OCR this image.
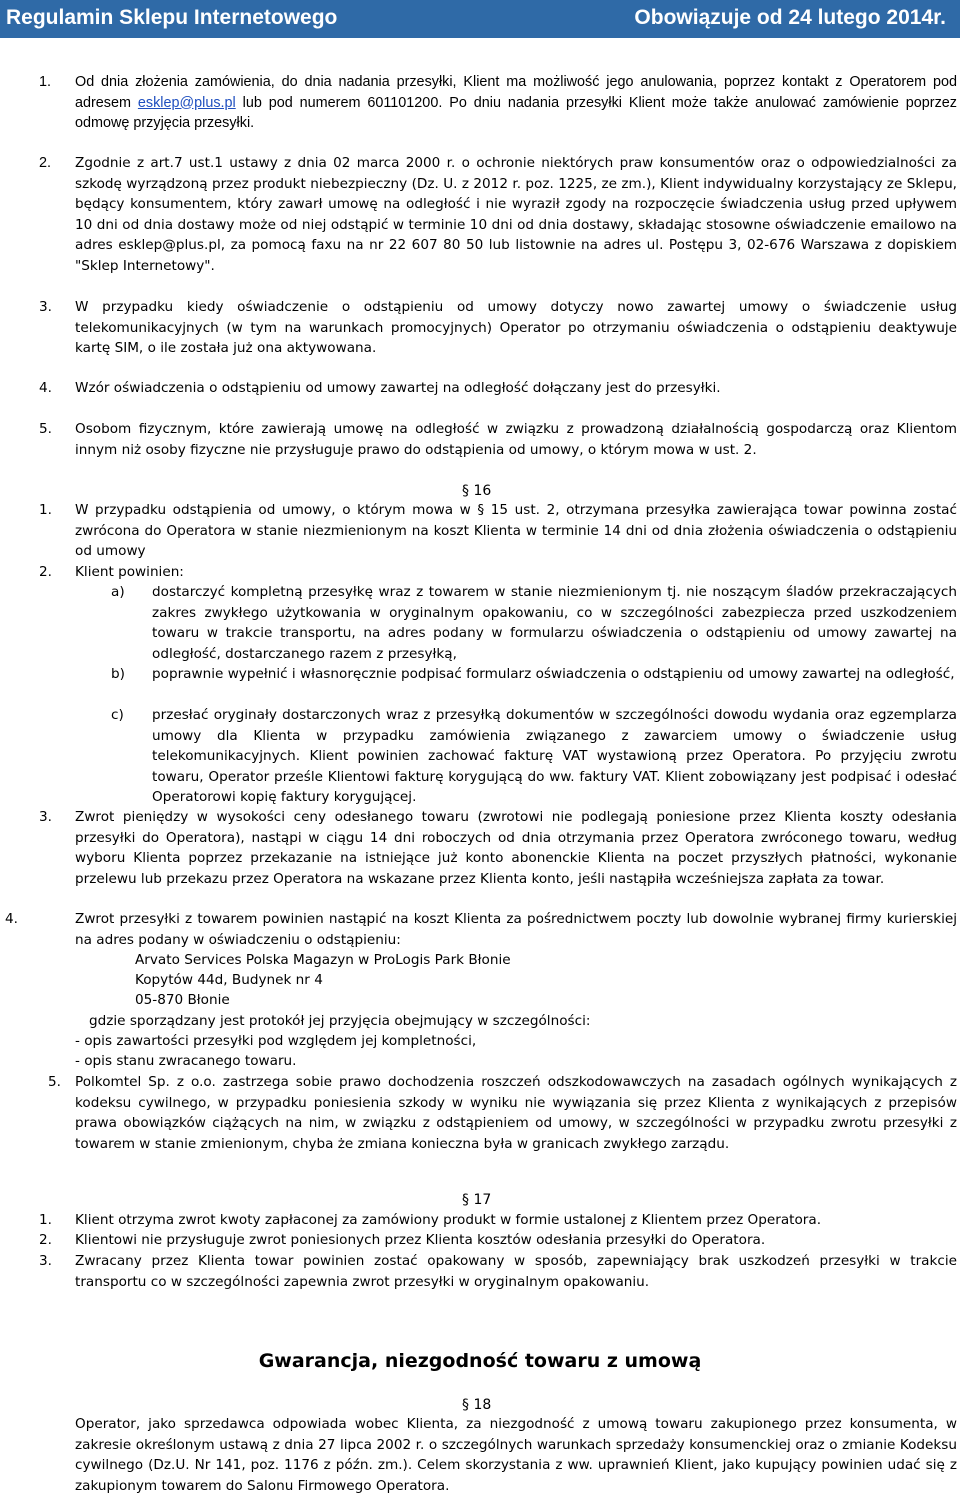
Regulamin Sklepu Internetowego	Obowiązuje od 24 lutego 2014r.
1. Od dnia złożenia zamówienia, do dnia nadania przesyłki, Klient ma możliwość jego anulowania, poprzez kontakt z Operatorem pod adresem esklep@plus.pl lub pod numerem 601101200. Po dniu nadania przesyłki Klient może także anulować zamówienie poprzez odmowę przyjęcia przesyłki.

2. Zgodnie z art.7 ust.1 ustawy z dnia 02 marca 2000 r. o ochronie niektórych praw konsumentów oraz o odpowiedzialności za szkodę wyrządzoną przez produkt niebezpieczny (Dz. U. z 2012 r. poz. 1225, ze zm.), Klient indywidualny korzystający ze Sklepu, będący konsumentem, który zawarł umowę na odległość i nie wyraził zgody na rozpoczęcie świadczenia usług przed upływem 10 dni od dnia dostawy może od niej odstąpić w terminie 10 dni od dnia dostawy, składając stosowne oświadczenie emailowo na adres esklep@plus.pl, za pomocą faxu na nr 22 607 80 50 lub listownie na adres ul. Postępu 3, 02-676 Warszawa z dopiskiem "Sklep Internetowy".

3. W przypadku kiedy oświadczenie o odstąpieniu od umowy dotyczy nowo zawartej umowy o świadczenie usług telekomunikacyjnych (w tym na warunkach promocyjnych) Operator po otrzymaniu oświadczenia o odstąpieniu deaktywuje kartę SIM, o ile została już ona aktywowana.

4. Wzór oświadczenia o odstąpieniu od umowy zawartej na odległość dołączany jest do przesyłki.

5. Osobom fizycznym, które zawierają umowę na odległość w związku z prowadzoną działalnością gospodarczą oraz Klientom innym niż osoby fizyczne nie przysługuje prawo do odstąpienia od umowy, o którym mowa w ust. 2.

§ 16
1. W przypadku odstąpienia od umowy, o którym mowa w § 15 ust. 2, otrzymana przesyłka zawierająca towar powinna zostać zwrócona do Operatora w stanie niezmienionym na koszt Klienta w terminie 14 dni od dnia złożenia oświadczenia o odstąpieniu od umowy

2. Klient powinien:

a) dostarczyć kompletną przesyłkę wraz z towarem w stanie niezmienionym tj. nie noszącym śladów przekraczających zakres zwykłego użytkowania w oryginalnym opakowaniu, co w szczególności zabezpiecza przed uszkodzeniem towaru w trakcie transportu, na adres podany w formularzu oświadczenia o odstąpieniu od umowy zawartej na odległość, dostarczanego razem z przesyłką,

b) poprawnie wypełnić i własnoręcznie podpisać formularz oświadczenia o odstąpieniu od umowy zawartej na odległość,

c) przesłać oryginały dostarczonych wraz z przesyłką dokumentów w szczególności dowodu wydania oraz egzemplarza umowy dla Klienta w przypadku zamówienia związanego z zawarciem umowy o świadczenie usług telekomunikacyjnych. Klient powinien zachować fakturę VAT wystawioną przez Operatora. Po przyjęciu zwrotu towaru, Operator prześle Klientowi fakturę korygującą do ww. faktury VAT. Klient zobowiązany jest podpisać i odesłać Operatorowi kopię faktury korygującej.

3. Zwrot pieniędzy w wysokości ceny odesłanego towaru (zwrotowi nie podlegają poniesione przez Klienta koszty odesłania przesyłki do Operatora), nastąpi w ciągu 14 dni roboczych od dnia otrzymania przez Operatora zwróconego towaru, według wyboru Klienta poprzez przekazanie na istniejące już konto abonenckie Klienta na poczet przyszłych płatności, wykonanie przelewu lub przekazu przez Operatora na wskazane przez Klienta konto, jeśli nastąpiła wcześniejsza zapłata za towar.

4.	Zwrot przesyłki z towarem powinien nastąpić na koszt Klienta za pośrednictwem poczty lub dowolnie wybranej firmy kurierskiej na adres podany w oświadczeniu o odstąpieniu:

Arvato Services Polska Magazyn w ProLogis Park Błonie
Kopytów 44d, Budynek nr 4
05-870 Błonie
gdzie sporządzany jest protokół jej przyjęcia obejmujący w szczególności:
- opis zawartości przesyłki pod względem jej kompletności,
- opis stanu zwracanego towaru.
5. Polkomtel Sp. z o.o. zastrzega sobie prawo dochodzenia roszczeń odszkodowawczych na zasadach ogólnych wynikających z kodeksu cywilnego, w przypadku poniesienia szkody w wyniku nie wywiązania się przez Klienta z wynikających z przepisów prawa obowiązków ciążących na nim, w związku z odstąpieniem od umowy, w szczególności w przypadku zwrotu przesyłki z towarem w stanie zmienionym, chyba że zmiana konieczna była w granicach zwykłego zarządu.

§ 17
1. Klient otrzyma zwrot kwoty zapłaconej za zamówiony produkt w formie ustalonej z Klientem przez Operatora.

2. Klientowi nie przysługuje zwrot poniesionych przez Klienta kosztów odesłania przesyłki do Operatora.

3. Zwracany przez Klienta towar powinien zostać opakowany w sposób, zapewniający brak uszkodzeń przesyłki w trakcie transportu co w szczególności zapewnia zwrot przesyłki w oryginalnym opakowaniu.

Gwarancja, niezgodność towaru z umową
§ 18

Operator, jako sprzedawca odpowiada wobec Klienta, za niezgodność z umową towaru zakupionego przez konsumenta, w zakresie określonym ustawą z dnia 27 lipca 2002 r. o szczególnych warunkach sprzedaży konsumenckiej oraz o zmianie Kodeksu cywilnego (Dz.U. Nr 141, poz. 1176 z późn. zm.). Celem skorzystania z ww. uprawnień Klient, jako kupujący powinien udać się z zakupionym towarem do Salonu Firmowego Operatora.
